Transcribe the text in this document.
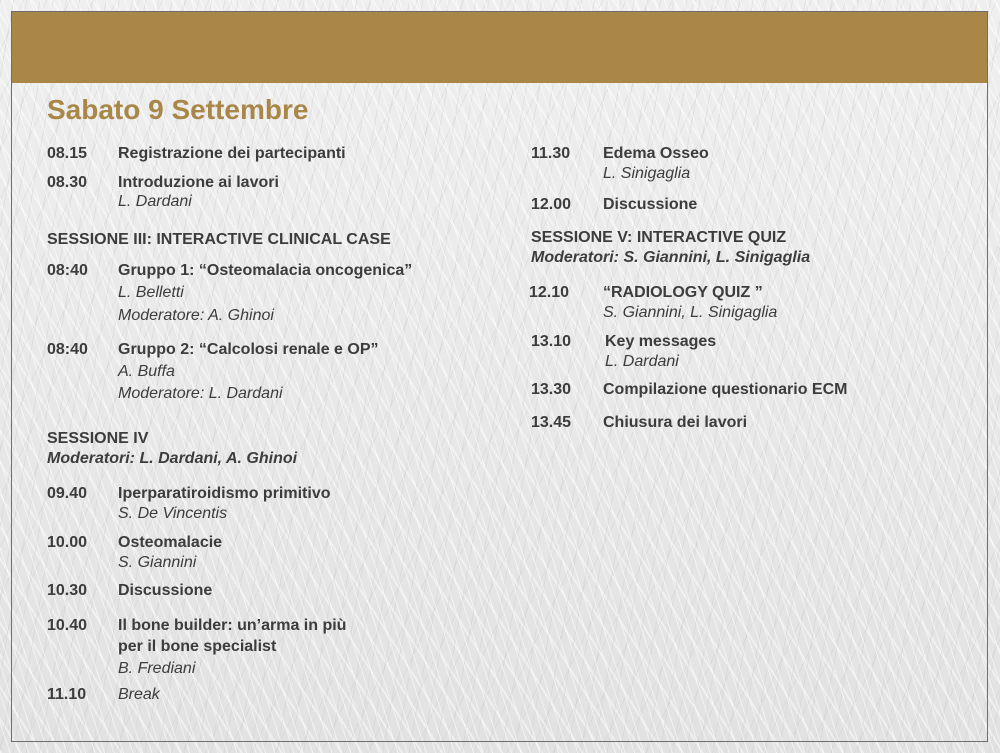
Sabato 9 Settembre
08.15 Registrazione dei partecipanti
08.30 Introduzione ai lavori
L. Dardani
SESSIONE III: INTERACTIVE CLINICAL CASE
08:40 Gruppo 1: “Osteomalacia oncogenica”
L. Belletti
Moderatore: A. Ghinoi
08:40 Gruppo 2: “Calcolosi renale e OP”
A. Buffa
Moderatore: L. Dardani
SESSIONE IV
Moderatori: L. Dardani, A. Ghinoi
09.40 Iperparatiroidismo primitivo
S. De Vincentis
10.00 Osteomalacie
S. Giannini
10.30 Discussione
10.40 Il bone builder: un’arma in più
per il bone specialist
B. Frediani
11.10 Break
11.30 Edema Osseo
L. Sinigaglia
12.00 Discussione
SESSIONE V: INTERACTIVE QUIZ
Moderatori: S. Giannini, L. Sinigaglia
12.10 “RADIOLOGY QUIZ ”
S. Giannini, L. Sinigaglia
13.10 Key messages
L. Dardani
13.30 Compilazione questionario ECM
13.45 Chiusura dei lavori
